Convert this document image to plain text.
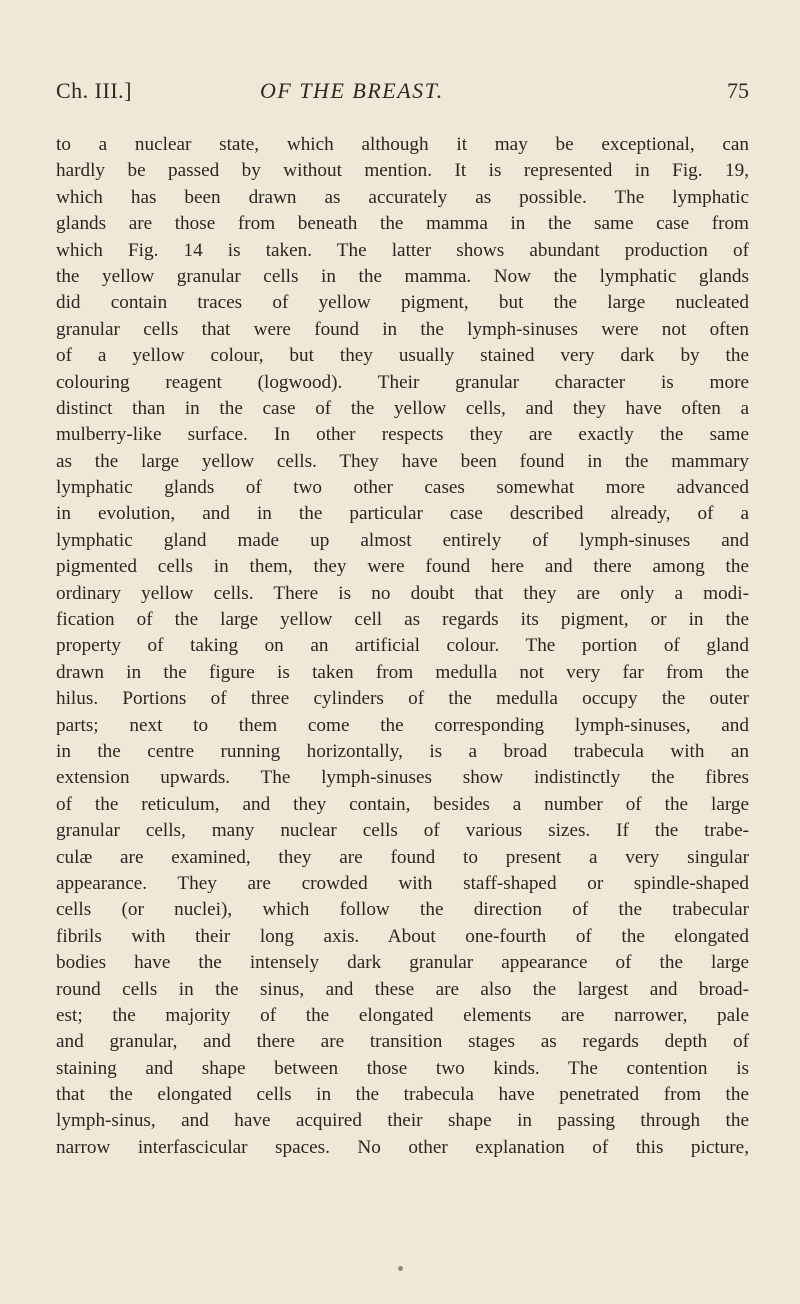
Ch. III.]	OF THE BREAST.	75
to a nuclear state, which although it may be exceptional, can
hardly be passed by without mention. It is represented in Fig. 19,
which has been drawn as accurately as possible. The lymphatic
glands are those from beneath the mamma in the same case from
which Fig. 14 is taken. The latter shows abundant production of
the yellow granular cells in the mamma. Now the lymphatic glands
did contain traces of yellow pigment, but the large nucleated
granular cells that were found in the lymph-sinuses were not often
of a yellow colour, but they usually stained very dark by the
colouring reagent (logwood). Their granular character is more
distinct than in the case of the yellow cells, and they have often a
mulberry-like surface. In other respects they are exactly the same
as the large yellow cells. They have been found in the mammary
lymphatic glands of two other cases somewhat more advanced
in evolution, and in the particular case described already, of a
lymphatic gland made up almost entirely of lymph-sinuses and
pigmented cells in them, they were found here and there among the
ordinary yellow cells. There is no doubt that they are only a modi-
fication of the large yellow cell as regards its pigment, or in the
property of taking on an artificial colour. The portion of gland
drawn in the figure is taken from medulla not very far from the
hilus. Portions of three cylinders of the medulla occupy the outer
parts; next to them come the corresponding lymph-sinuses, and
in the centre running horizontally, is a broad trabecula with an
extension upwards. The lymph-sinuses show indistinctly the fibres
of the reticulum, and they contain, besides a number of the large
granular cells, many nuclear cells of various sizes. If the trabe-
culæ are examined, they are found to present a very singular
appearance. They are crowded with staff-shaped or spindle-shaped
cells (or nuclei), which follow the direction of the trabecular
fibrils with their long axis. About one-fourth of the elongated
bodies have the intensely dark granular appearance of the large
round cells in the sinus, and these are also the largest and broad-
est; the majority of the elongated elements are narrower, pale
and granular, and there are transition stages as regards depth of
staining and shape between those two kinds. The contention is
that the elongated cells in the trabecula have penetrated from the
lymph-sinus, and have acquired their shape in passing through the
narrow interfascicular spaces. No other explanation of this picture,
